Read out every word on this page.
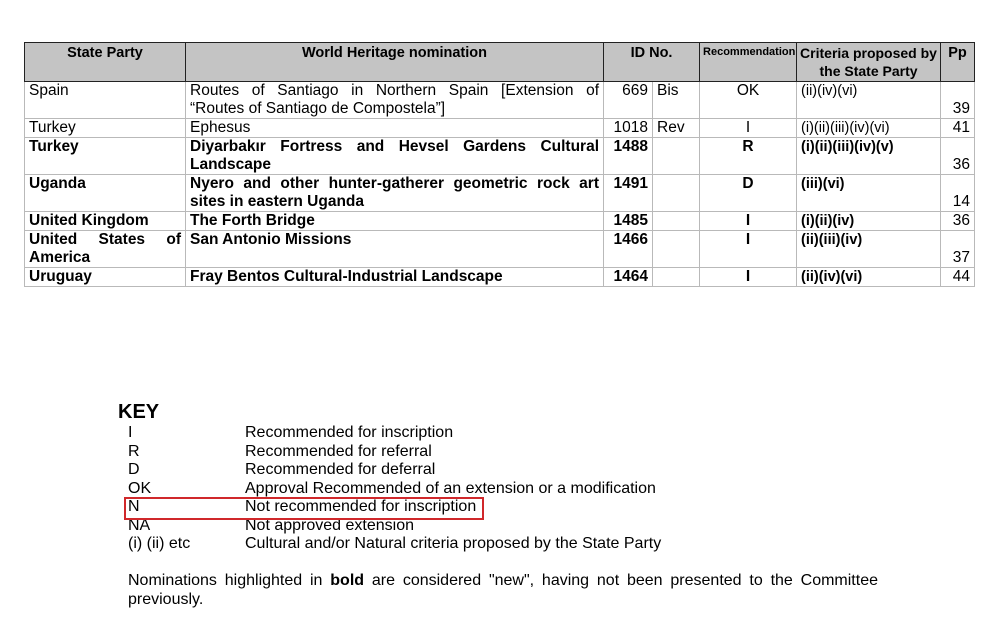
State Party	World Heritage nomination	ID No.		Recommendation	Criteria proposed by the State Party	Pp
Spain	Routes of Santiago in Northern Spain [Extension of “Routes of Santiago de Compostela”]	669	Bis	OK	(ii)(iv)(vi)	39
Turkey	Ephesus	1018	Rev	I	(i)(ii)(iii)(iv)(vi)	41
Turkey	Diyarbakır Fortress and Hevsel Gardens Cultural Landscape	1488		R	(i)(ii)(iii)(iv)(v)	36
Uganda	Nyero and other hunter-gatherer geometric rock art sites in eastern Uganda	1491		D	(iii)(vi)	14
United Kingdom	The Forth Bridge	1485		I	(i)(ii)(iv)	36
United States of America	San Antonio Missions	1466		I	(ii)(iii)(iv)	37
Uruguay	Fray Bentos Cultural-Industrial Landscape	1464		I	(ii)(iv)(vi)	44
KEY
I	Recommended for inscription
R	Recommended for referral
D	Recommended for deferral
OK	Approval Recommended of an extension or a modification
N	Not recommended for inscription
NA	Not approved extension
(i) (ii) etc	Cultural and/or Natural criteria proposed by the State Party
Nominations highlighted in bold are considered "new", having not been presented to the Committee previously.
